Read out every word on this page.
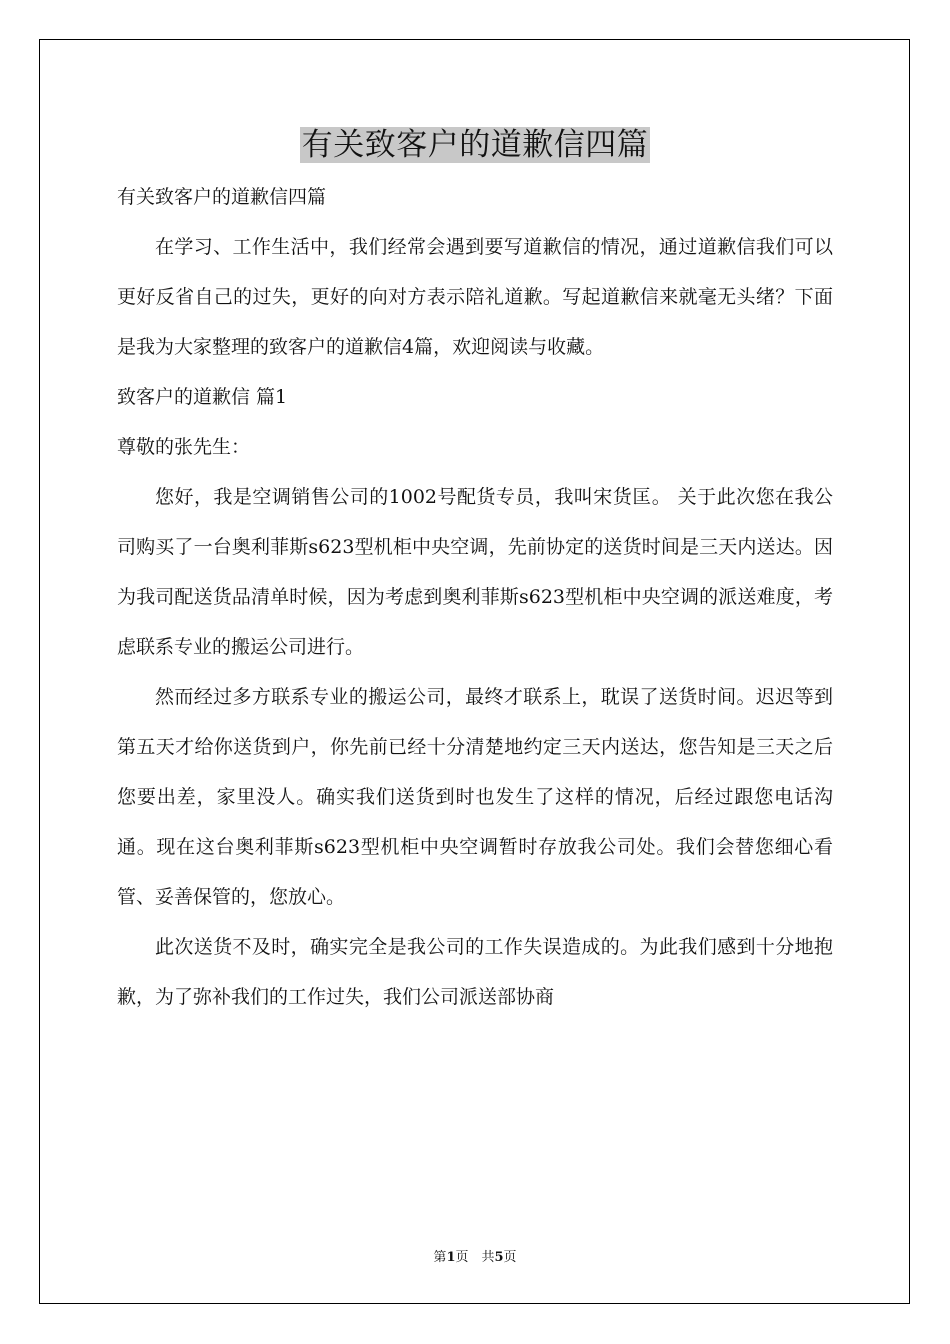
有关致客户的道歉信四篇

有关致客户的道歉信四篇

在学习、工作生活中，我们经常会遇到要写道歉信的情况，通过道歉信我们可以更好反省自己的过失，更好的向对方表示陪礼道歉。写起道歉信来就毫无头绪？下面是我为大家整理的致客户的道歉信4篇，欢迎阅读与收藏。

致客户的道歉信 篇1

尊敬的张先生：

您好，我是空调销售公司的1002号配货专员，我叫宋货匡。 关于此次您在我公司购买了一台奥利菲斯s623型机柜中央空调，先前协定的送货时间是三天内送达。因为我司配送货品清单时候，因为考虑到奥利菲斯s623型机柜中央空调的派送难度，考虑联系专业的搬运公司进行。

然而经过多方联系专业的搬运公司，最终才联系上，耽误了送货时间。迟迟等到第五天才给你送货到户，你先前已经十分清楚地约定三天内送达，您告知是三天之后您要出差，家里没人。确实我们送货到时也发生了这样的情况，后经过跟您电话沟通。现在这台奥利菲斯s623型机柜中央空调暂时存放我公司处。我们会替您细心看管、妥善保管的，您放心。

此次送货不及时，确实完全是我公司的工作失误造成的。为此我们感到十分地抱歉，为了弥补我们的工作过失，我们公司派送部协商

第1页　共5页
